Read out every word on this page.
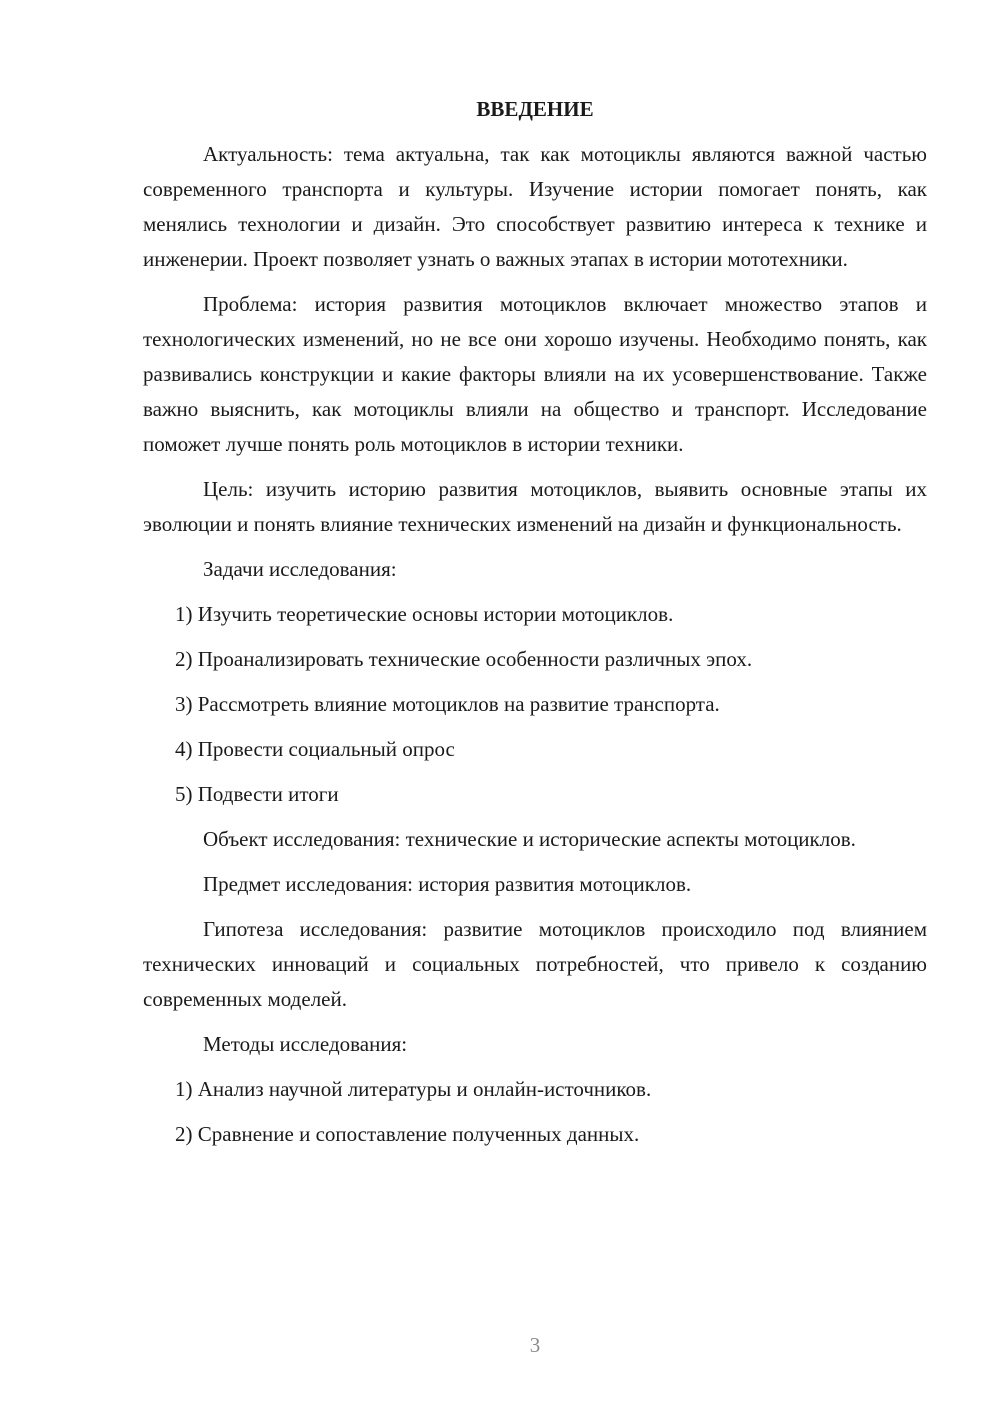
ВВЕДЕНИЕ
Актуальность: тема актуальна, так как мотоциклы являются важной частью современного транспорта и культуры. Изучение истории помогает понять, как менялись технологии и дизайн. Это способствует развитию интереса к технике и инженерии. Проект позволяет узнать о важных этапах в истории мототехники.
Проблема: история развития мотоциклов включает множество этапов и технологических изменений, но не все они хорошо изучены. Необходимо понять, как развивались конструкции и какие факторы влияли на их усовершенствование. Также важно выяснить, как мотоциклы влияли на общество и транспорт. Исследование поможет лучше понять роль мотоциклов в истории техники.
Цель: изучить историю развития мотоциклов, выявить основные этапы их эволюции и понять влияние технических изменений на дизайн и функциональность.
Задачи исследования:
1) Изучить теоретические основы истории мотоциклов.
2) Проанализировать технические особенности различных эпох.
3) Рассмотреть влияние мотоциклов на развитие транспорта.
4) Провести социальный опрос
5) Подвести итоги
Объект исследования: технические и исторические аспекты мотоциклов.
Предмет исследования: история развития мотоциклов.
Гипотеза исследования: развитие мотоциклов происходило под влиянием технических инноваций и социальных потребностей, что привело к созданию современных моделей.
Методы исследования:
1) Анализ научной литературы и онлайн-источников.
2) Сравнение и сопоставление полученных данных.
3
